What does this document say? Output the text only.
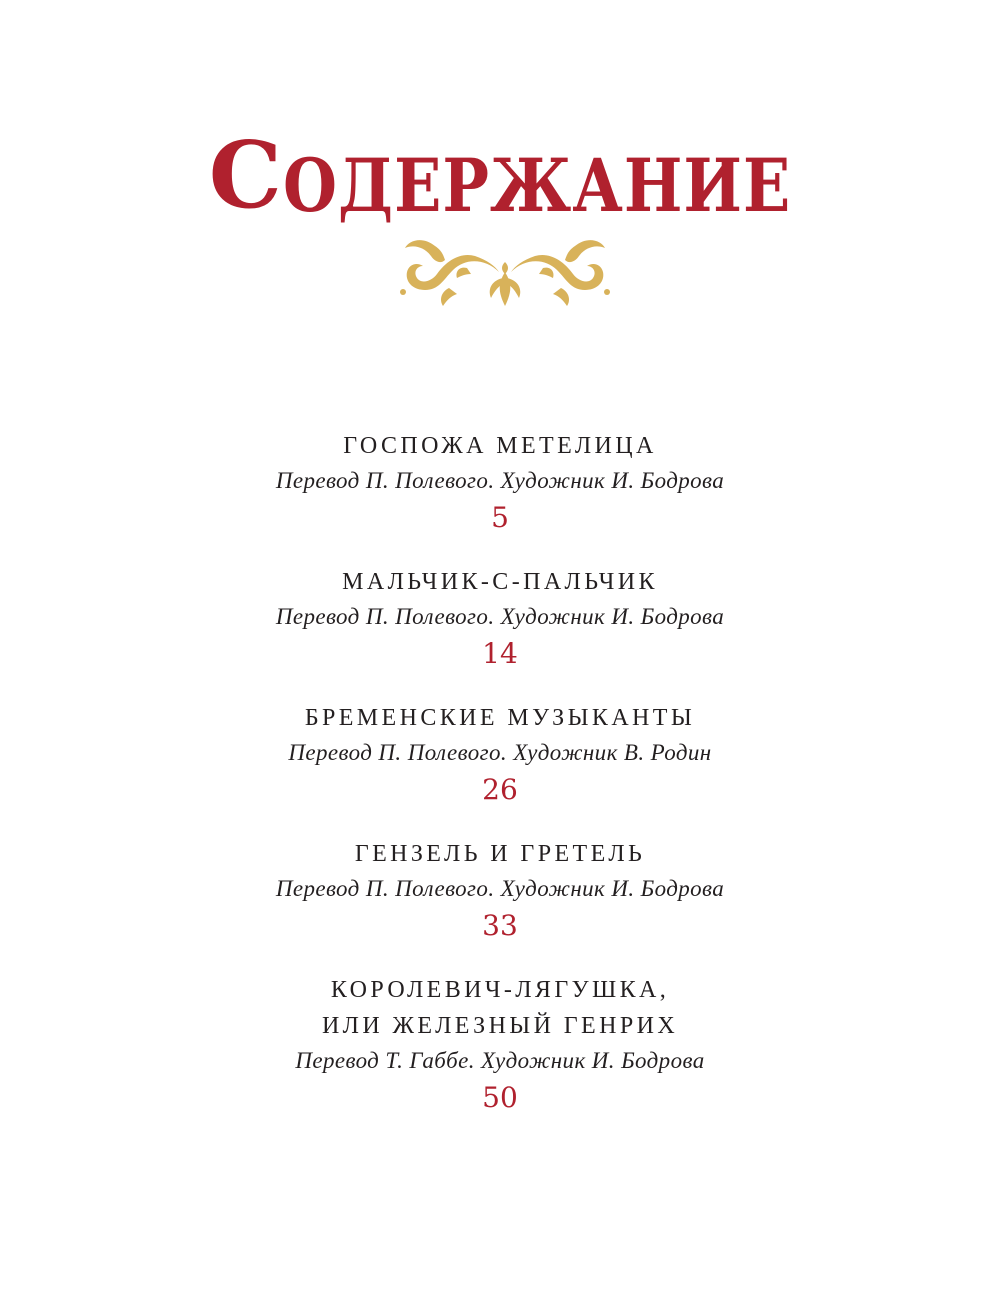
СОДЕРЖАНИЕ
ГОСПОЖА МЕТЕЛИЦА
Перевод П. Полевого. Художник И. Бодрова
5
МАЛЬЧИК-С-ПАЛЬЧИК
Перевод П. Полевого. Художник И. Бодрова
14
БРЕМЕНСКИЕ МУЗЫКАНТЫ
Перевод П. Полевого. Художник В. Родин
26
ГЕНЗЕЛЬ И ГРЕТЕЛЬ
Перевод П. Полевого. Художник И. Бодрова
33
КОРОЛЕВИЧ-ЛЯГУШКА,
ИЛИ ЖЕЛЕЗНЫЙ ГЕНРИХ
Перевод Т. Габбе. Художник И. Бодрова
50
